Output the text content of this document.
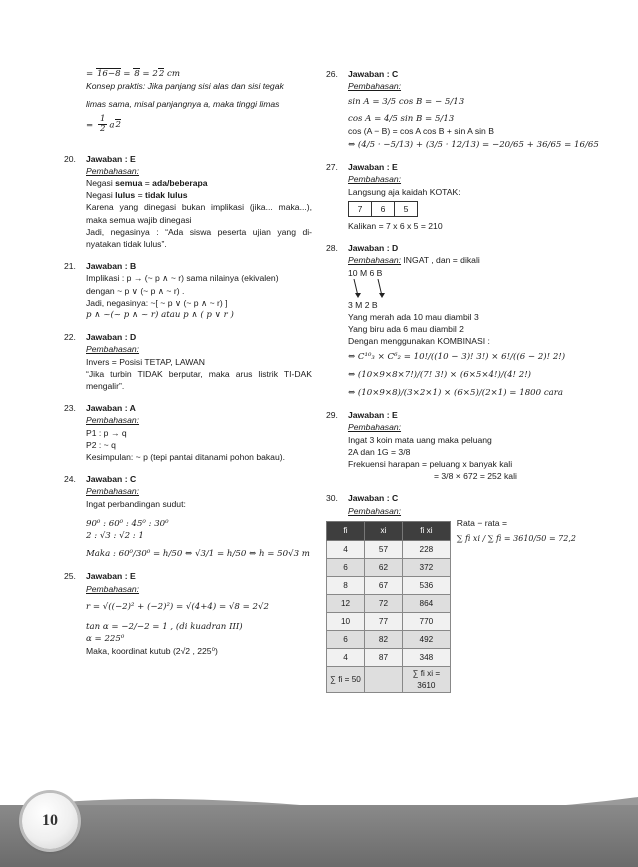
= 16−8 = 8 = 22 cm
Konsep praktis: Jika panjang sisi alas dan sisi tegak
limas sama, misal panjangnya a, maka tinggi limas
= $\frac{1}{2} a2$
20. Jawaban : E
Pembahasan:
Negasi semua = ada/beberapa
Negasi lulus = tidak lulus
Karena yang dinegasi bukan implikasi (jika... maka...), maka semua wajib dinegasi
Jadi, negasinya : “Ada siswa peserta ujian yang di-nyatakan tidak lulus”.
21. Jawaban : B
Implikasi : p → (~ p ∧ ~ r) sama nilainya (ekivalen)
dengan ~ p ∨ (~ p ∧ ~ r) .
Jadi, negasinya: ~[ ~ p ∨ (~ p ∧ ~ r) ]
p ∧ ~(~ p ∧ ~ r) atau p ∧ ( p ∨ r )
22. Jawaban : D
Pembahasan:
Invers = Posisi TETAP, LAWAN
“Jika turbin TIDAK berputar, maka arus listrik TI-DAK mengalir”.
23. Jawaban : A
Pembahasan:
P1 : p → q
P2 : ~ q
Kesimpulan: ~ p (tepi pantai ditanami pohon bakau).
24. Jawaban : C
Pembahasan:
Ingat perbandingan sudut:
90⁰ : 60⁰ : 45⁰ : 30⁰
2 : √3 : √2 : 1
Maka : 60⁰/30⁰ = h/50 ⇔ √3/1 = h/50 ⇔ h = 50√3 m
25. Jawaban : E
Pembahasan:
r = √((−2)² + (−2)²) = √(4+4) = √8 = 2√2
tan α = −2/−2 = 1 , (di kuadran III)
α = 225⁰
Maka, koordinat kutub (2√2 , 225⁰)
26. Jawaban : C
Pembahasan:
sin A = 3/5 cos B = − 5/13
cos A = 4/5 sin B = 5/13
cos (A − B) = cos A cos B + sin A sin B
⇔ (4/5 · −5/13) + (3/5 · 12/13) = −20/65 + 36/65 = 16/65
27. Jawaban : E
Pembahasan:
Langsung aja kaidah KOTAK:
7	6	5
Kalikan = 7 x 6 x 5 = 210
28. Jawaban : D
Pembahasan: INGAT , dan = dikali
10 M 6 B
3 M 2 B
Yang merah ada 10 mau diambil 3
Yang biru ada 6 mau diambil 2
Dengan menggunakan KOMBINASI :
⇔ C¹⁰₃ × C⁶₂ = 10!/((10 − 3)! 3!) × 6!/((6 − 2)! 2!)
⇔ (10×9×8×7!)/(7! 3!) × (6×5×4!)/(4! 2!)
⇔ (10×9×8)/(3×2×1) × (6×5)/(2×1) = 1800 cara
29. Jawaban : E
Pembahasan:
Ingat 3 koin mata uang maka peluang
2A dan 1G = 3/8
Frekuensi harapan = peluang x banyak kali
= 3/8 × 672 = 252 kali
30. Jawaban : C
Pembahasan:
fi	xi	fi xi
4	57	228
6	62	372
8	67	536
12	72	864
10	77	770
6	82	492
4	87	348
∑ fi = 50		∑ fi xi = 3610
Rata − rata =
∑ fi xi / ∑ fi = 3610/50 = 72,2
10
